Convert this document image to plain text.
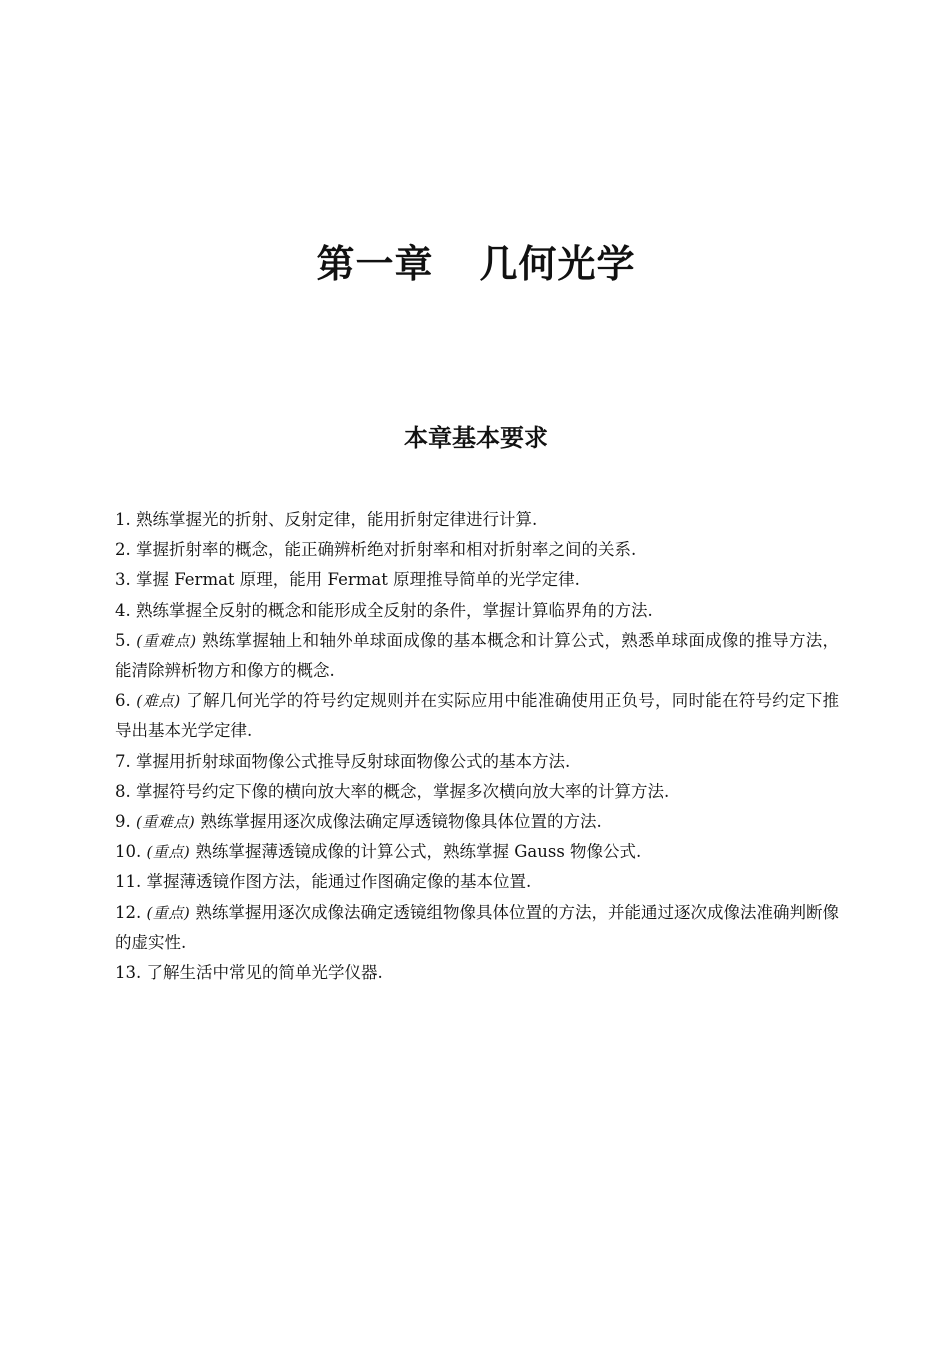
第一章 几何光学
本章基本要求
1. 熟练掌握光的折射、反射定律，能用折射定律进行计算.
2. 掌握折射率的概念，能正确辨析绝对折射率和相对折射率之间的关系.
3. 掌握 Fermat 原理，能用 Fermat 原理推导简单的光学定律.
4. 熟练掌握全反射的概念和能形成全反射的条件，掌握计算临界角的方法.
5. (重难点) 熟练掌握轴上和轴外单球面成像的基本概念和计算公式，熟悉单球面成像的推导方法，能清除辨析物方和像方的概念.
6. (难点) 了解几何光学的符号约定规则并在实际应用中能准确使用正负号，同时能在符号约定下推导出基本光学定律.
7. 掌握用折射球面物像公式推导反射球面物像公式的基本方法.
8. 掌握符号约定下像的横向放大率的概念，掌握多次横向放大率的计算方法.
9. (重难点) 熟练掌握用逐次成像法确定厚透镜物像具体位置的方法.
10. (重点) 熟练掌握薄透镜成像的计算公式，熟练掌握 Gauss 物像公式.
11. 掌握薄透镜作图方法，能通过作图确定像的基本位置.
12. (重点) 熟练掌握用逐次成像法确定透镜组物像具体位置的方法，并能通过逐次成像法准确判断像的虚实性.
13. 了解生活中常见的简单光学仪器.
